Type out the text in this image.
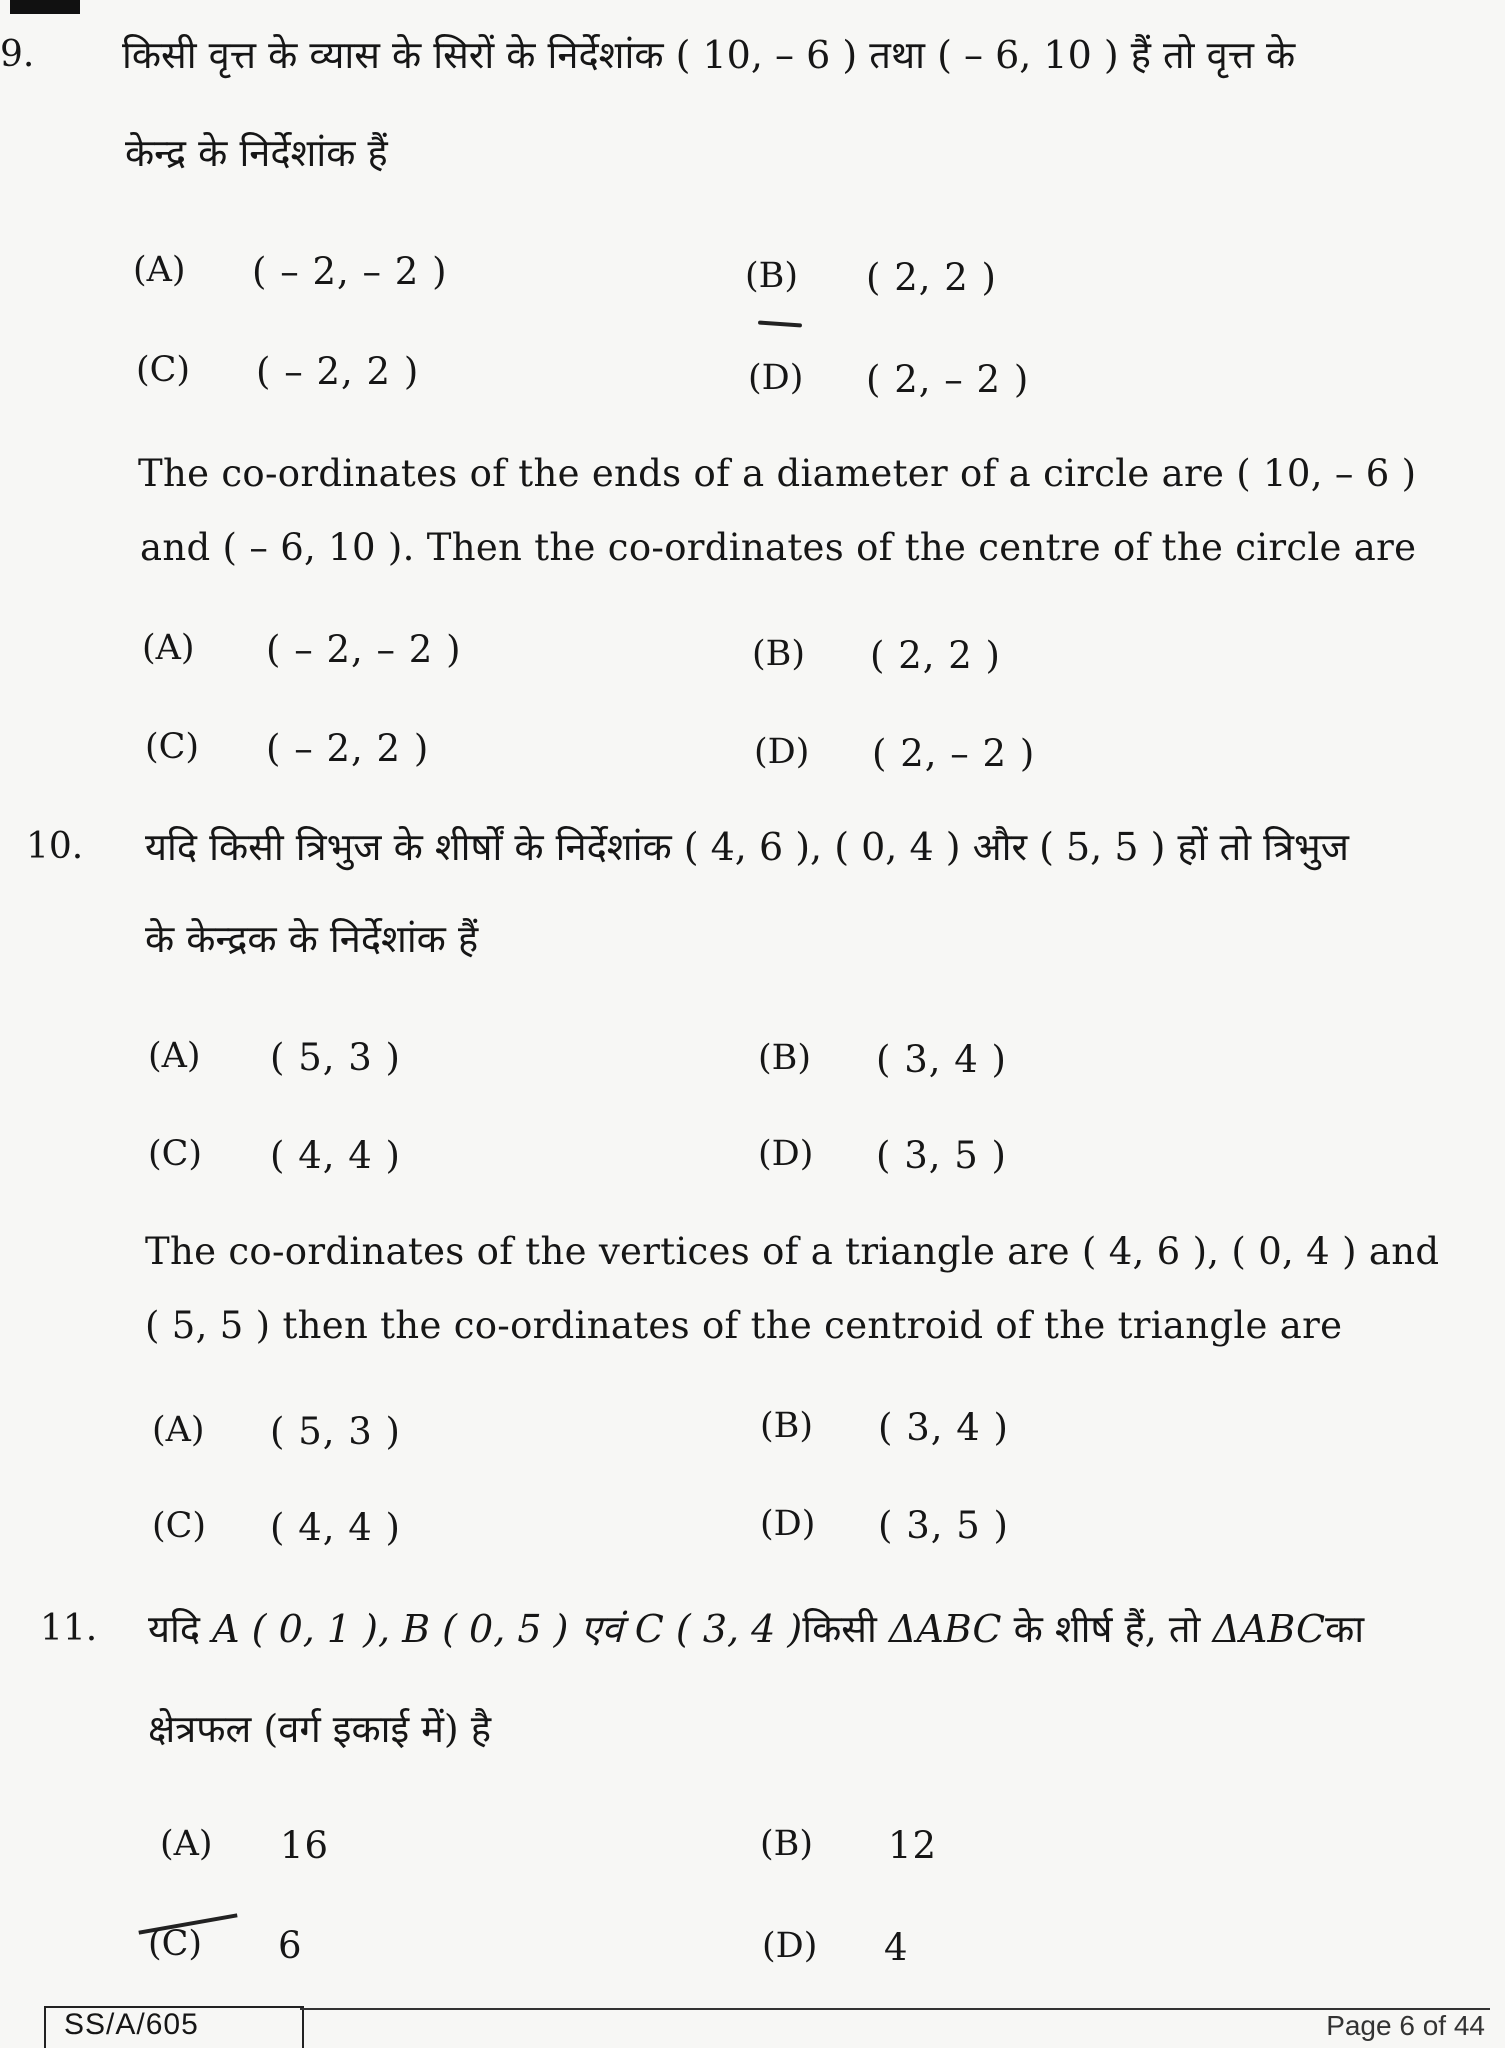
9. किसी वृत्त के व्यास के सिरों के निर्देशांक ( 10, – 6 ) तथा ( – 6, 10 ) हैं तो वृत्त के
केन्द्र के निर्देशांक हैं
(A) ( – 2, – 2 )	(B) ( 2, 2 )
(C) ( – 2, 2 )	(D) ( 2, – 2 )
The co-ordinates of the ends of a diameter of a circle are ( 10, – 6 )
and ( – 6, 10 ). Then the co-ordinates of the centre of the circle are
(A) ( – 2, – 2 )	(B) ( 2, 2 )
(C) ( – 2, 2 )	(D) ( 2, – 2 )
10. यदि किसी त्रिभुज के शीर्षों के निर्देशांक ( 4, 6 ), ( 0, 4 ) और ( 5, 5 ) हों तो त्रिभुज
के केन्द्रक के निर्देशांक हैं
(A) ( 5, 3 )	(B) ( 3, 4 )
(C) ( 4, 4 )	(D) ( 3, 5 )
The co-ordinates of the vertices of a triangle are ( 4, 6 ), ( 0, 4 ) and
( 5, 5 ) then the co-ordinates of the centroid of the triangle are
(A) ( 5, 3 )	(B) ( 3, 4 )
(C) ( 4, 4 )	(D) ( 3, 5 )
11. यदि A ( 0, 1 ), B ( 0, 5 ) एवं C ( 3, 4 )किसी ΔABC के शीर्ष हैं, तो ΔABCका
क्षेत्रफल (वर्ग इकाई में) है
(A) 16	(B) 12
(C) 6	(D) 4
SS/A/605	Page 6 of 44
